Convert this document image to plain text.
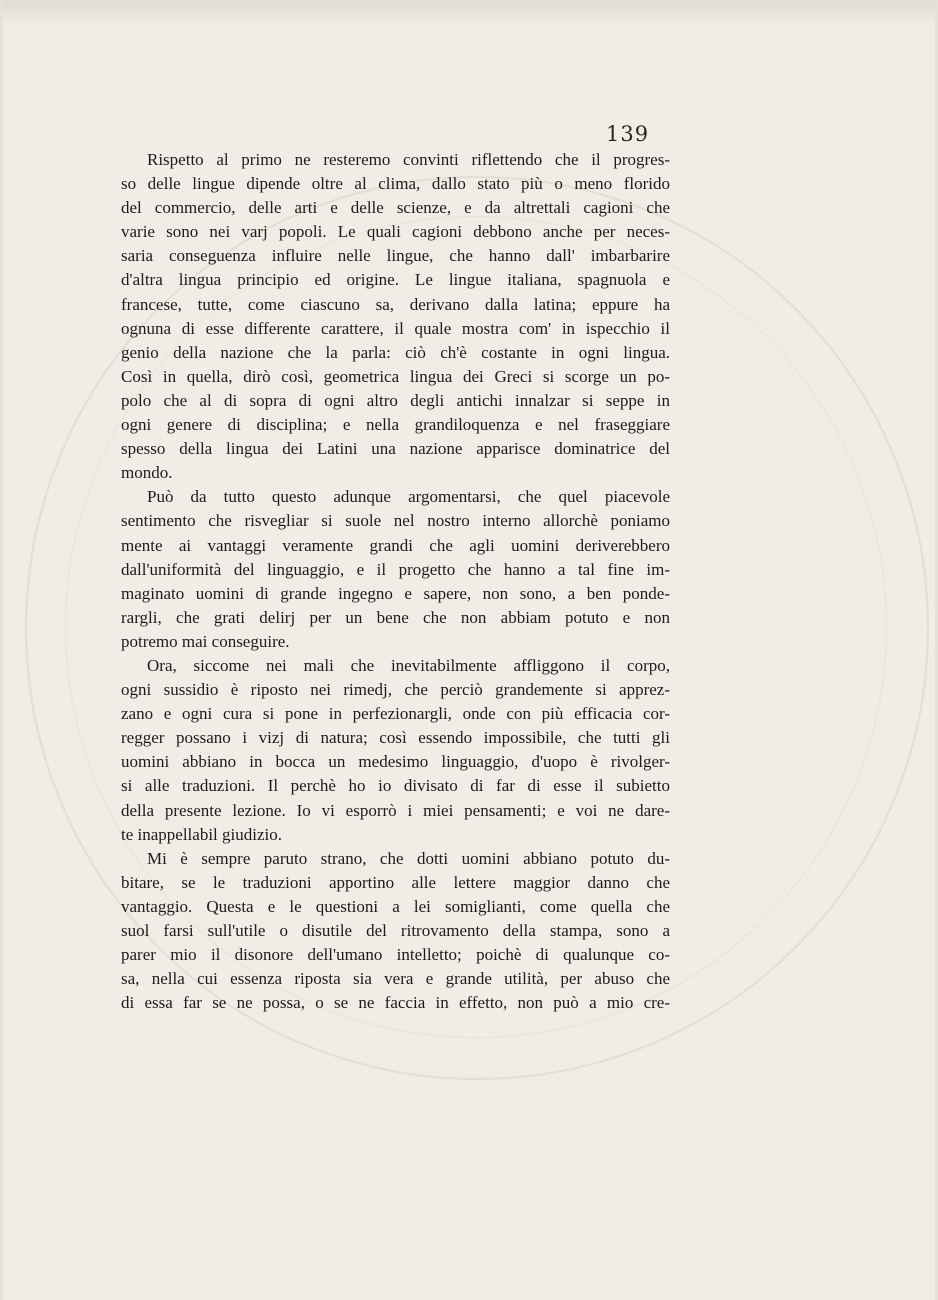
139
Rispetto al primo ne resteremo convinti riflettendo che il progres-
so delle lingue dipende oltre al clima, dallo stato più o meno florido
del commercio, delle arti e delle scienze, e da altrettali cagioni che
varie sono nei varj popoli. Le quali cagioni debbono anche per neces-
saria conseguenza influire nelle lingue, che hanno dall' imbarbarire
d'altra lingua principio ed origine. Le lingue italiana, spagnuola e
francese, tutte, come ciascuno sa, derivano dalla latina; eppure ha
ognuna di esse differente carattere, il quale mostra com' in ispecchio il
genio della nazione che la parla: ciò ch'è costante in ogni lingua.
Così in quella, dirò così, geometrica lingua dei Greci si scorge un po-
polo che al di sopra di ogni altro degli antichi innalzar si seppe in
ogni genere di disciplina; e nella grandiloquenza e nel fraseggiare
spesso della lingua dei Latini una nazione apparisce dominatrice del
mondo.
Può da tutto questo adunque argomentarsi, che quel piacevole
sentimento che risvegliar si suole nel nostro interno allorchè poniamo
mente ai vantaggi veramente grandi che agli uomini deriverebbero
dall'uniformità del linguaggio, e il progetto che hanno a tal fine im-
maginato uomini di grande ingegno e sapere, non sono, a ben ponde-
rargli, che grati delirj per un bene che non abbiam potuto e non
potremo mai conseguire.
Ora, siccome nei mali che inevitabilmente affliggono il corpo,
ogni sussidio è riposto nei rimedj, che perciò grandemente si apprez-
zano e ogni cura si pone in perfezionargli, onde con più efficacia cor-
regger possano i vizj di natura; così essendo impossibile, che tutti gli
uomini abbiano in bocca un medesimo linguaggio, d'uopo è rivolger-
si alle traduzioni. Il perchè ho io divisato di far di esse il subietto
della presente lezione. Io vi esporrò i miei pensamenti; e voi ne dare-
te inappellabil giudizio.
Mi è sempre paruto strano, che dotti uomini abbiano potuto du-
bitare, se le traduzioni apportino alle lettere maggior danno che
vantaggio. Questa e le questioni a lei somiglianti, come quella che
suol farsi sull'utile o disutile del ritrovamento della stampa, sono a
parer mio il disonore dell'umano intelletto; poichè di qualunque co-
sa, nella cui essenza riposta sia vera e grande utilità, per abuso che
di essa far se ne possa, o se ne faccia in effetto, non può a mio cre-
